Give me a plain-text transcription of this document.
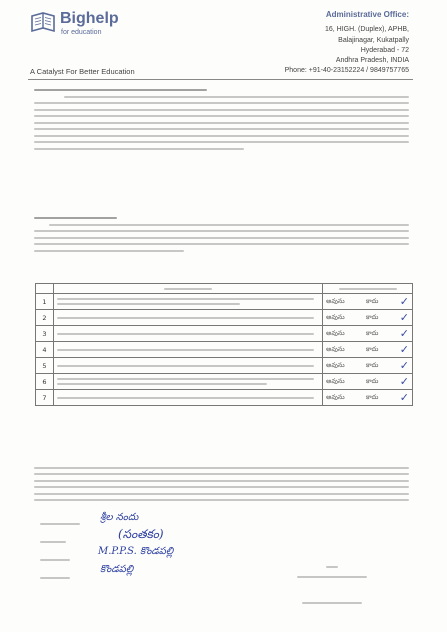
Bighelp
for education
A Catalyst For Better Education
Administrative Office:
16, HIGH. (Duplex), APHB,
Balajinagar, Kukatpally
Hyderabad - 72
Andhra Pradesh, INDIA
Phone: +91-40-23152224 / 9849757765

1		అవును కాదు ✓

2		అవును కాదు ✓

3		అవును కాదు ✓

4		అవును కాదు ✓

5		అవును కాదు ✓

6		అవును కాదు ✓

7		అవును కాదు ✓
శ్రీల నందు
(సంతకం)
M.P.P.S. కొండపల్లి
కొండపల్లి
